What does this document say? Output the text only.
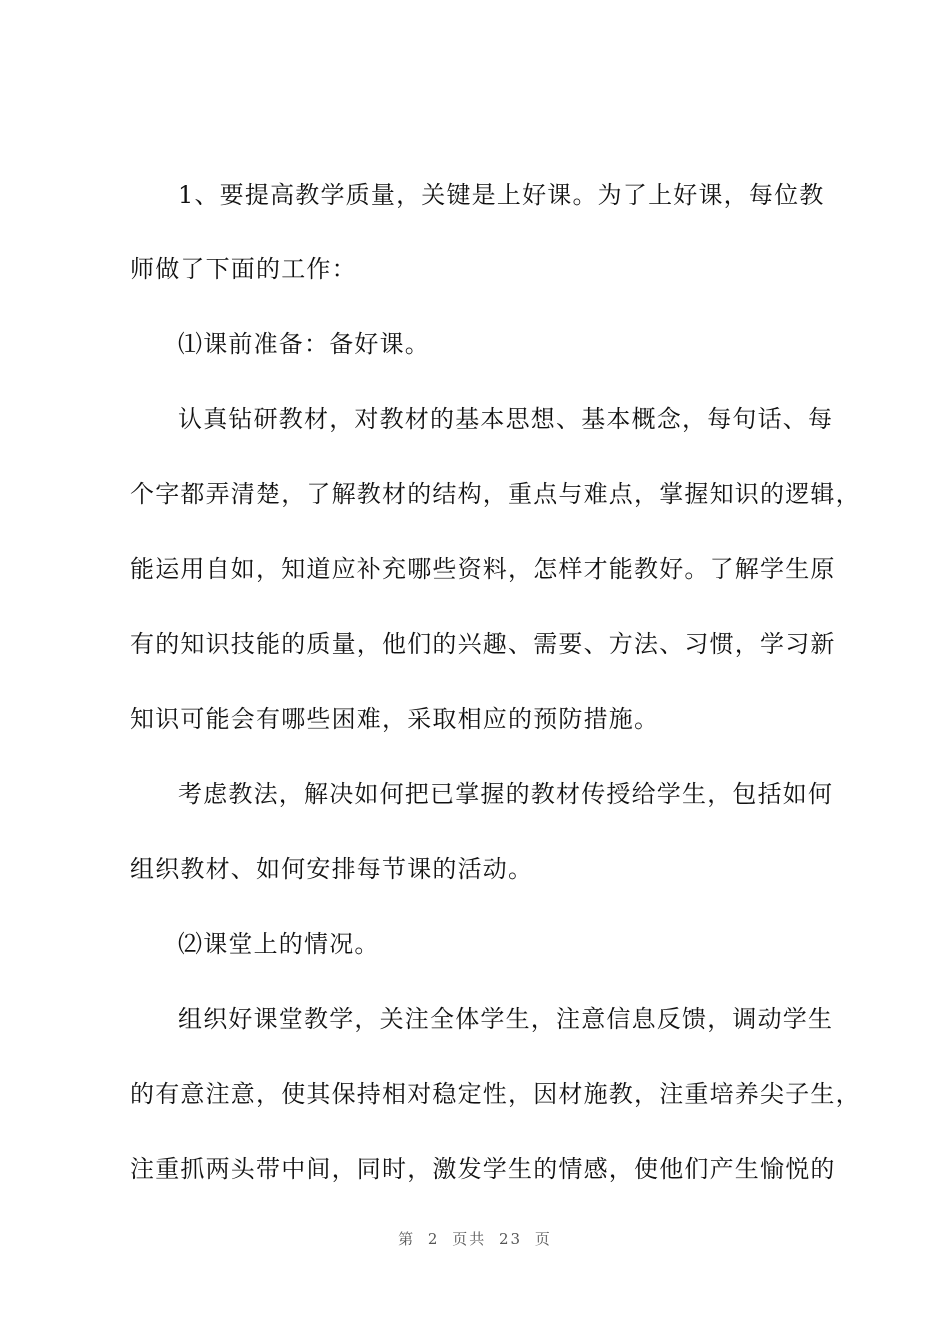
1、要提高教学质量，关键是上好课。为了上好课，每位教
师做了下面的工作：
⑴课前准备：备好课。
认真钻研教材，对教材的基本思想、基本概念，每句话、每
个字都弄清楚，了解教材的结构，重点与难点，掌握知识的逻辑，
能运用自如，知道应补充哪些资料，怎样才能教好。了解学生原
有的知识技能的质量，他们的兴趣、需要、方法、习惯，学习新
知识可能会有哪些困难，采取相应的预防措施。
考虑教法，解决如何把已掌握的教材传授给学生，包括如何
组织教材、如何安排每节课的活动。
⑵课堂上的情况。
组织好课堂教学，关注全体学生，注意信息反馈，调动学生
的有意注意，使其保持相对稳定性，因材施教，注重培养尖子生，
注重抓两头带中间，同时，激发学生的情感，使他们产生愉悦的
第 2 页共 23 页
